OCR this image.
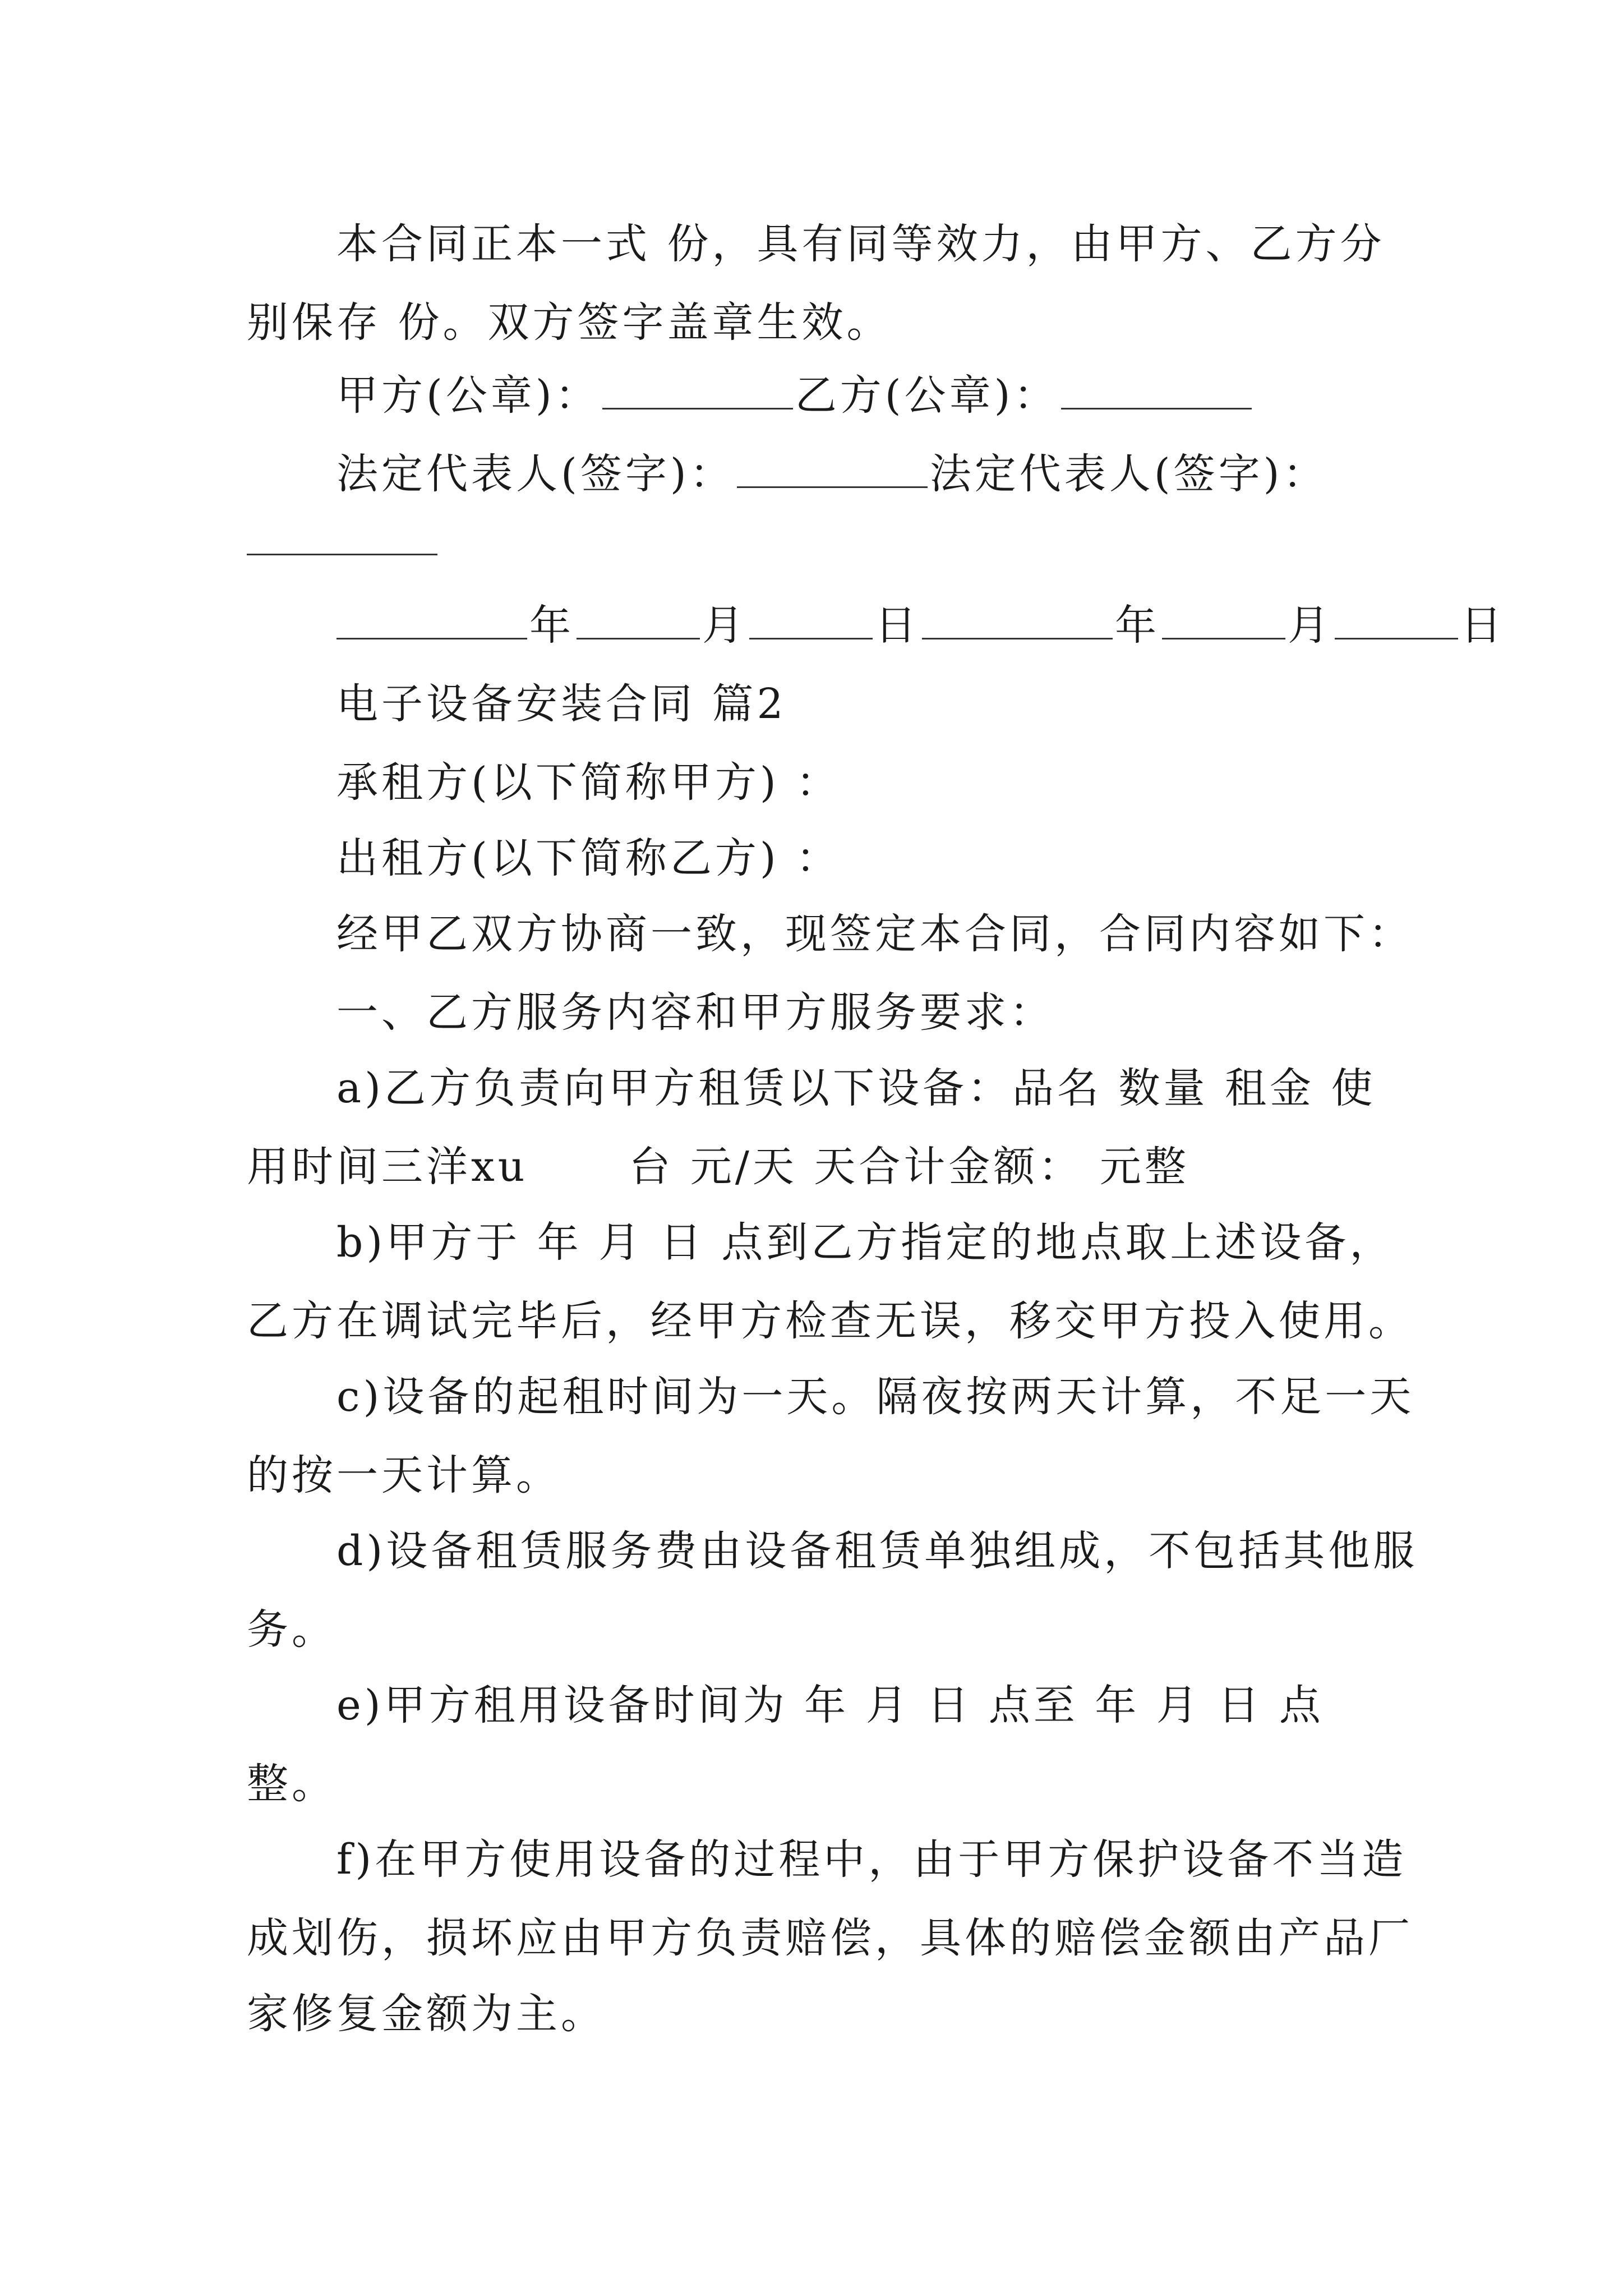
本合同正本一式 份，具有同等效力，由甲方、乙方分
别保存 份。双方签字盖章生效。
甲方(公章)：	乙方(公章)：
法定代表人(签字)：	法定代表人(签字)：
年	月	日	年	月	日
电子设备安装合同 篇2
承租方(以下简称甲方) ：
出租方(以下简称乙方) ：
经甲乙双方协商一致，现签定本合同，合同内容如下：
一、乙方服务内容和甲方服务要求：
a)乙方负责向甲方租赁以下设备：品名 数量 租金 使
用时间三洋xu 台 元/天 天合计金额： 元整
b)甲方于 年 月 日 点到乙方指定的地点取上述设备，
乙方在调试完毕后，经甲方检查无误，移交甲方投入使用。
c)设备的起租时间为一天。隔夜按两天计算，不足一天
的按一天计算。
d)设备租赁服务费由设备租赁单独组成，不包括其他服
务。
e)甲方租用设备时间为 年 月 日 点至 年 月 日 点
整。
f)在甲方使用设备的过程中，由于甲方保护设备不当造
成划伤，损坏应由甲方负责赔偿，具体的赔偿金额由产品厂
家修复金额为主。
